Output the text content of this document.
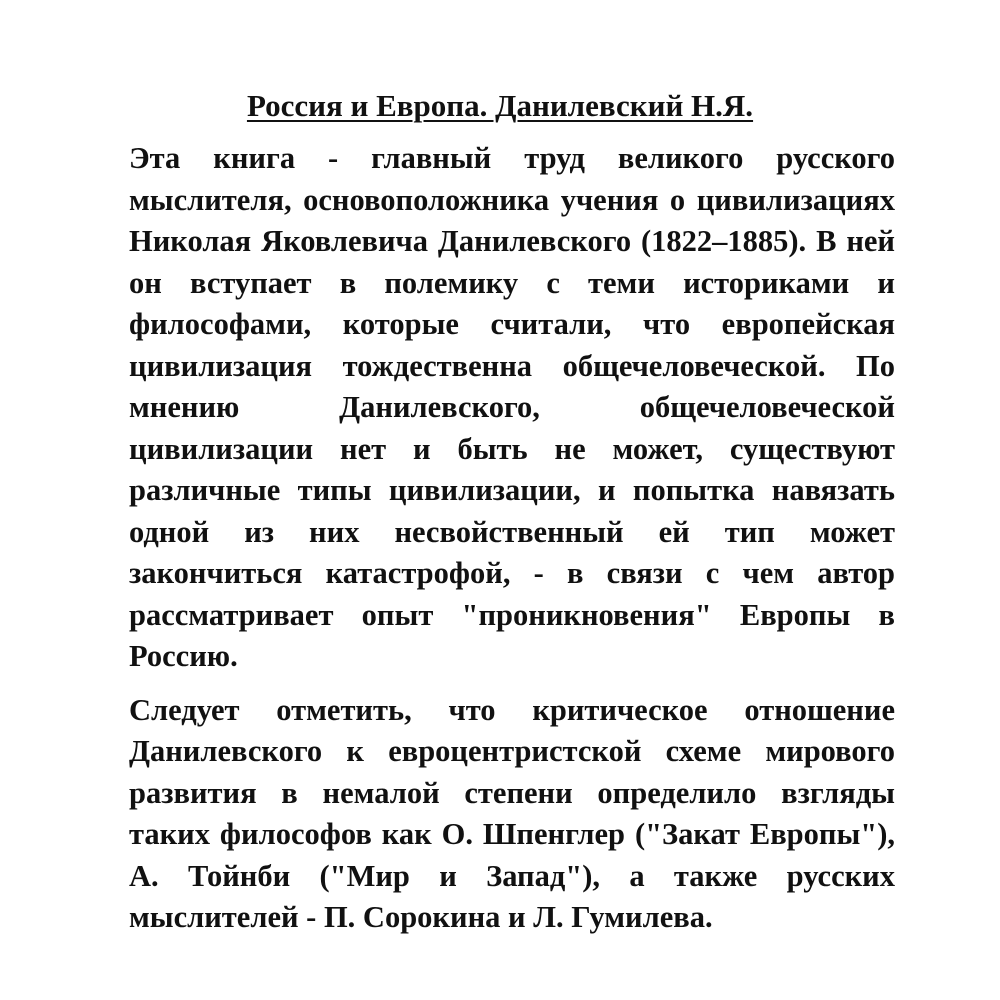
Россия и Европа. Данилевский Н.Я.

Эта книга - главный труд великого русского мыслителя, основоположника учения о цивилизациях Николая Яковлевича Данилевского (1822–1885). В ней он вступает в полемику с теми историками и философами, которые считали, что европейская цивилизация тождественна общечеловеческой. По мнению Данилевского, общечеловеческой цивилизации нет и быть не может, существуют различные типы цивилизации, и попытка навязать одной из них несвойственный ей тип может закончиться катастрофой, - в связи с чем автор рассматривает опыт "проникновения" Европы в Россию.

Следует отметить, что критическое отношение Данилевского к евроцентристской схеме мирового развития в немалой степени определило взгляды таких философов как О. Шпенглер ("Закат Европы"), А. Тойнби ("Мир и Запад"), а также русских мыслителей - П. Сорокина и Л. Гумилева.
